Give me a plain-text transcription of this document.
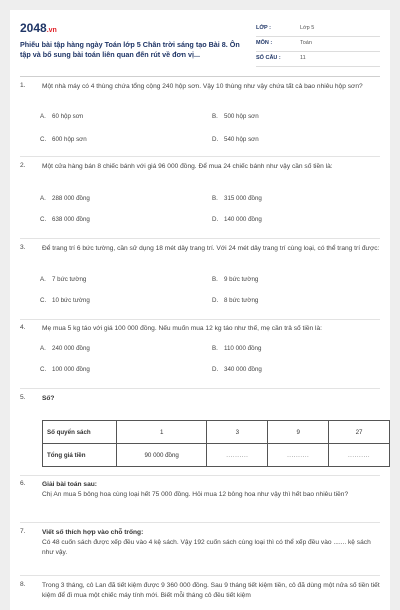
2048.vn
Phiếu bài tập hàng ngày Toán lớp 5 Chân trời sáng tạo Bài 8. Ôn tập và bổ sung bài toán liên quan đến rút về đơn vị...
LỚP :	Lớp 5
MÔN :	Toán
SỐ CÂU :	11
1.	Một nhà máy có 4 thùng chứa tổng cộng 240 hộp sơn. Vậy 10 thùng như vậy chứa tất cả bao nhiêu hộp sơn?
A. 60 hộp sơn	B. 500 hộp sơn
C. 600 hộp sơn	D. 540 hộp sơn
2.	Một cửa hàng bán 8 chiếc bánh với giá 96 000 đồng. Để mua 24 chiếc bánh như vậy cần số tiền là:
A. 288 000 đồng	B. 315 000 đồng
C. 638 000 đồng	D. 140 000 đồng
3.	Để trang trí 6 bức tường, cần sử dụng 18 mét dây trang trí. Với 24 mét dây trang trí cùng loại, có thể trang trí được:
A. 7 bức tường	B. 9 bức tường
C. 10 bức tường	D. 8 bức tường
4.	Mẹ mua 5 kg táo với giá 100 000 đồng. Nếu muốn mua 12 kg táo như thế, mẹ cần trả số tiền là:
A. 240 000 đồng	B. 110 000 đồng
C. 100 000 đồng	D. 340 000 đồng
5.	Số?
Số quyển sách	1	3	9	27
Tổng giá tiền	90 000 đồng	..........	..........	..........
6.	Giải bài toán sau:
Chị An mua 5 bông hoa cùng loại hết 75 000 đồng. Hỏi mua 12 bông hoa như vậy thì hết bao nhiêu tiền?
7.	Viết số thích hợp vào chỗ trống:
Có 48 cuốn sách được xếp đều vào 4 kệ sách. Vậy 192 cuốn sách cùng loại thì có thể xếp đều vào ....... kệ sách như vậy.
8.	Trong 3 tháng, cô Lan đã tiết kiệm được 9 360 000 đồng. Sau 9 tháng tiết kiệm tiền, cô đã dùng một nửa số tiền tiết kiệm để đi mua một chiếc máy tính mới. Biết mỗi tháng cô đều tiết kiệm
